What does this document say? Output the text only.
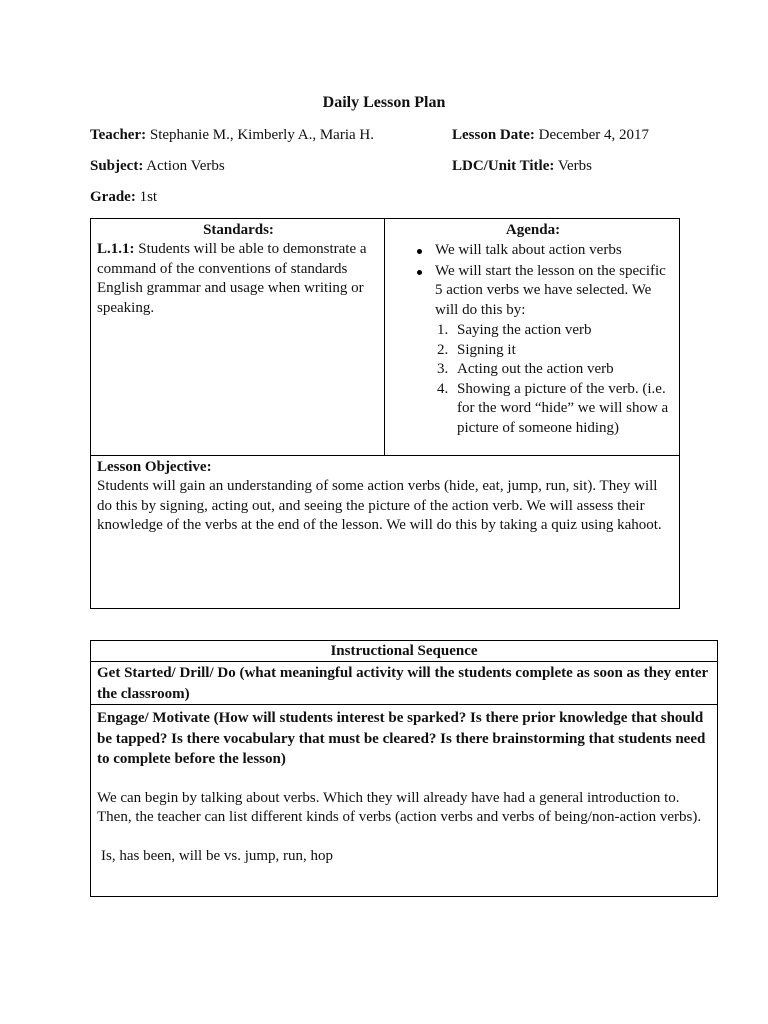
Daily Lesson Plan
Teacher: Stephanie M., Kimberly A., Maria H.	Lesson Date: December 4, 2017
Subject: Action Verbs	LDC/Unit Title: Verbs
Grade: 1st
Standards:
L.1.1: Students will be able to demonstrate a command of the conventions of standards English grammar and usage when writing or speaking.

Agenda:
We will talk about action verbs
We will start the lesson on the specific 5 action verbs we have selected. We will do this by:
1. Saying the action verb
2. Signing it
3. Acting out the action verb
4. Showing a picture of the verb. (i.e. for the word “hide” we will show a picture of someone hiding)

Lesson Objective:
Students will gain an understanding of some action verbs (hide, eat, jump, run, sit). They will do this by signing, acting out, and seeing the picture of the action verb. We will assess their knowledge of the verbs at the end of the lesson. We will do this by taking a quiz using kahoot.
Instructional Sequence

Get Started/ Drill/ Do (what meaningful activity will the students complete as soon as they enter the classroom)

Engage/ Motivate (How will students interest be sparked? Is there prior knowledge that should be tapped? Is there vocabulary that must be cleared? Is there brainstorming that students need to complete before the lesson)
We can begin by talking about verbs. Which they will already have had a general introduction to. Then, the teacher can list different kinds of verbs (action verbs and verbs of being/non-action verbs).
Is, has been, will be vs. jump, run, hop
